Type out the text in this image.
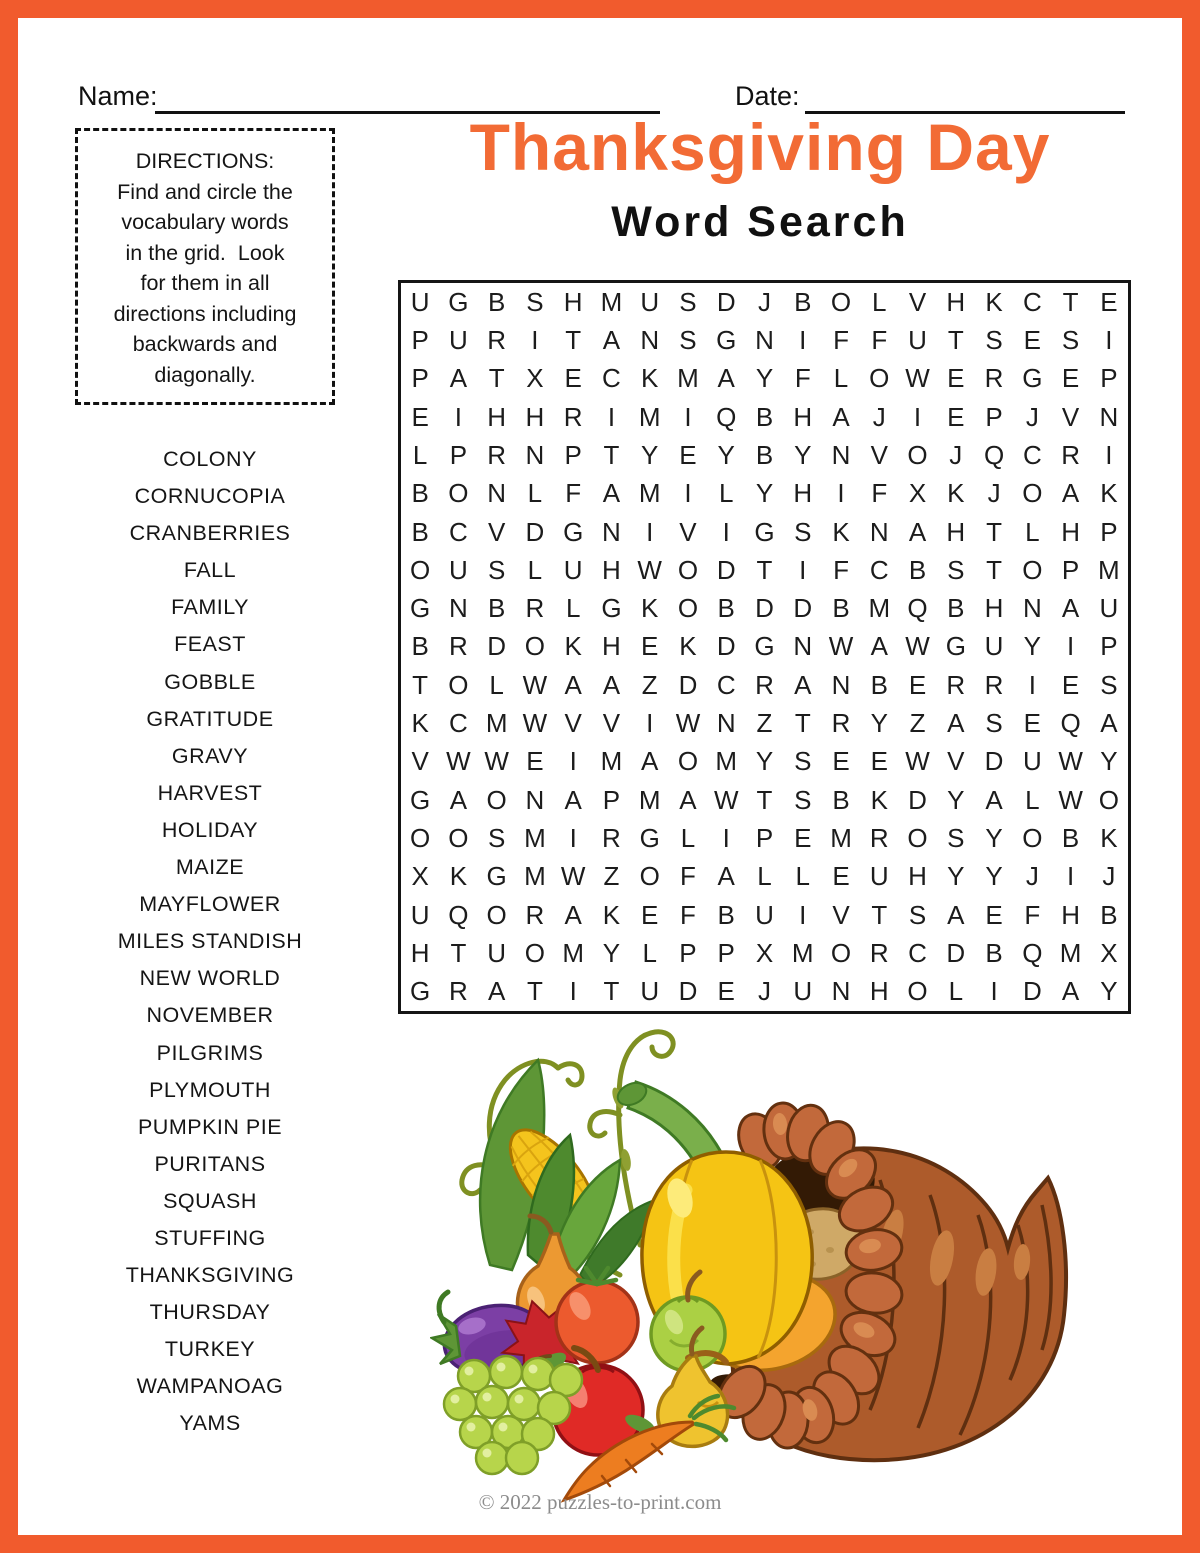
Name:	Date:
Thanksgiving Day
Word Search
DIRECTIONS:
Find and circle the
vocabulary words
in the grid.  Look
for them in all
directions including
backwards and
diagonally.
COLONY
CORNUCOPIA
CRANBERRIES
FALL
FAMILY
FEAST
GOBBLE
GRATITUDE
GRAVY
HARVEST
HOLIDAY
MAIZE
MAYFLOWER
MILES STANDISH
NEW WORLD
NOVEMBER
PILGRIMS
PLYMOUTH
PUMPKIN PIE
PURITANS
SQUASH
STUFFING
THANKSGIVING
THURSDAY
TURKEY
WAMPANOAG
YAMS
U G B S H M U S D J B O L V H K C T E
P U R I	T A N S G N I	F F U T S E S I
P A T X E C K M A Y F L O W E R G E P
E I H H R I M I Q B H A J	I E P J V N
L P R N P T Y E Y B Y N V O J Q C R I
B O N L F A M I	L Y H I	F X K J O A K
B C V D G N I V I G S K N A H T L H P
O U S L U H W O D T	I	F C B S T O P M
G N B R L G K O B D D B M Q B H N A U
B R D O K H E K D G N W A W G U Y I P
T O L W A A Z D C R A N B E R R I E S
K C M W V V I W N Z T R Y Z A S E Q A
V W W E I M A O M Y S E E W V D U W Y
G A O N A P M A W T S B K D Y A L W O
O O S M I R G L	I P E M R O S Y O B K
X K G M W Z O F A L L E U H Y Y J	I	J
U Q O R A K E F B U I V T S A E F H B
H T U O M Y L P P X M O R C D B Q M X
G R A T	I	T U D E J U N H O L	I D A Y
© 2022 puzzles-to-print.com
